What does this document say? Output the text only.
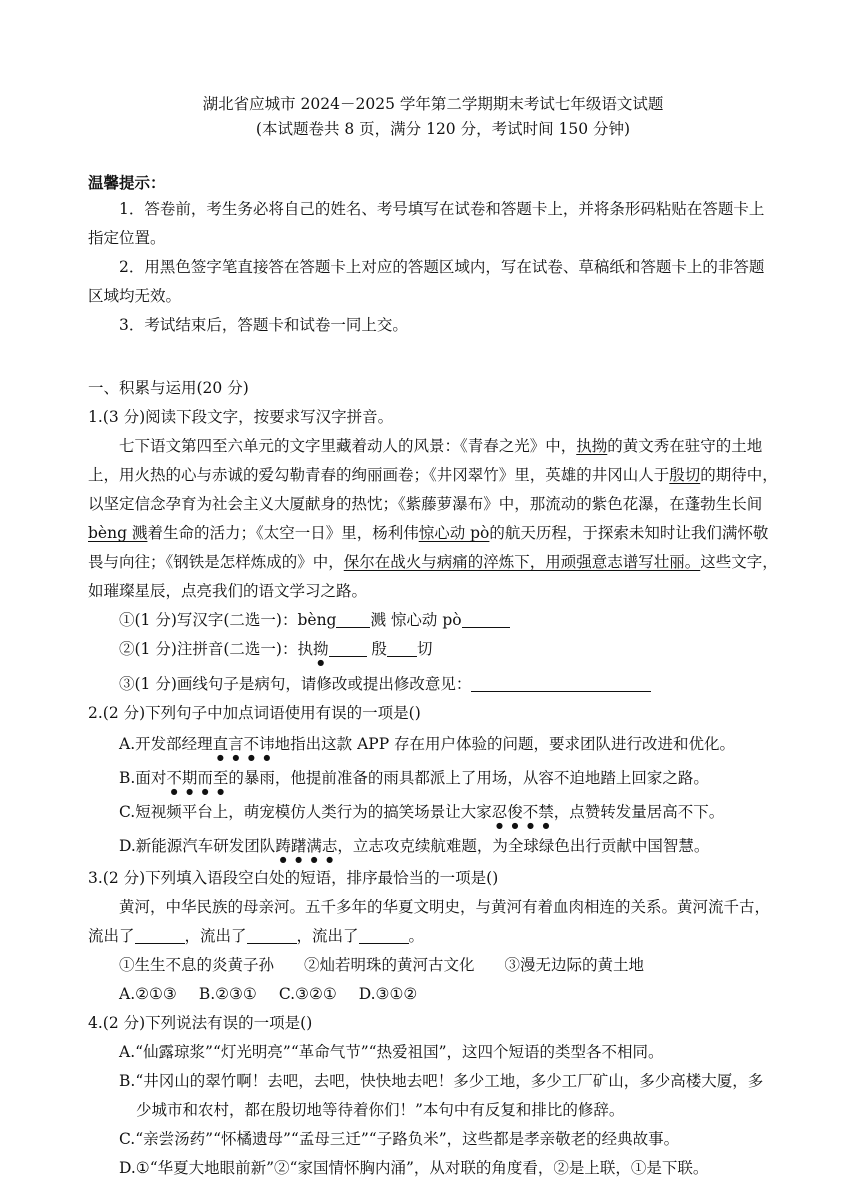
湖北省应城市 2024－2025 学年第二学期期末考试七年级语文试题
(本试题卷共 8 页，满分 120 分，考试时间 150 分钟)
温馨提示：
1．答卷前，考生务必将自己的姓名、考号填写在试卷和答题卡上，并将条形码粘贴在答题卡上指定位置。
2．用黑色签字笔直接答在答题卡上对应的答题区域内，写在试卷、草稿纸和答题卡上的非答题区域均无效。
3．考试结束后，答题卡和试卷一同上交。
一、积累与运用(20 分)
1.(3 分)阅读下段文字，按要求写汉字拼音。
七下语文第四至六单元的文字里藏着动人的风景：《青春之光》中，执拗的黄文秀在驻守的土地上，用火热的心与赤诚的爱勾勒青春的绚丽画卷；《井冈翠竹》里，英雄的井冈山人于殷切的期待中，以坚定信念孕育为社会主义大厦献身的热忱；《紫藤萝瀑布》中，那流动的紫色花瀑，在蓬勃生长间bèng 溅着生命的活力；《太空一日》里，杨利伟惊心动 pò的航天历程，于探索未知时让我们满怀敬畏与向往；《钢铁是怎样炼成的》中，保尔在战火与病痛的淬炼下，用顽强意志谱写壮丽。这些文字，如璀璨星辰，点亮我们的语文学习之路。
①(1 分)写汉字(二选一)：bèng 溅 惊心动 pò
②(1 分)注拼音(二选一)：执拗 殷 切
③(1 分)画线句子是病句，请修改或提出修改意见：
2.(2 分)下列句子中加点词语使用有误的一项是()
A.开发部经理直言不讳地指出这款 APP 存在用户体验的问题，要求团队进行改进和优化。
B.面对不期而至的暴雨，他提前准备的雨具都派上了用场，从容不迫地踏上回家之路。
C.短视频平台上，萌宠模仿人类行为的搞笑场景让大家忍俊不禁，点赞转发量居高不下。
D.新能源汽车研发团队踌躇满志，立志攻克续航难题，为全球绿色出行贡献中国智慧。
3.(2 分)下列填入语段空白处的短语，排序最恰当的一项是()
黄河，中华民族的母亲河。五千多年的华夏文明史，与黄河有着血肉相连的关系。黄河流千古，流出了	，流出了	，流出了	。
①生生不息的炎黄子孙 ②灿若明珠的黄河古文化 ③漫无边际的黄土地
A.②①③ B.②③① C.③②① D.③①②
4.(2 分)下列说法有误的一项是()
A.“仙露琼浆”“灯光明亮”“革命气节”“热爱祖国”，这四个短语的类型各不相同。
B.“井冈山的翠竹啊！去吧，去吧，快快地去吧！多少工地，多少工厂矿山，多少高楼大厦，多少城市和农村，都在殷切地等待着你们！”本句中有反复和排比的修辞。
C.“亲尝汤药”“怀橘遗母”“孟母三迁”“子路负米”，这些都是孝亲敬老的经典故事。
D.①“华夏大地眼前新”②“家国情怀胸内涌”，从对联的角度看，②是上联，①是下联。
